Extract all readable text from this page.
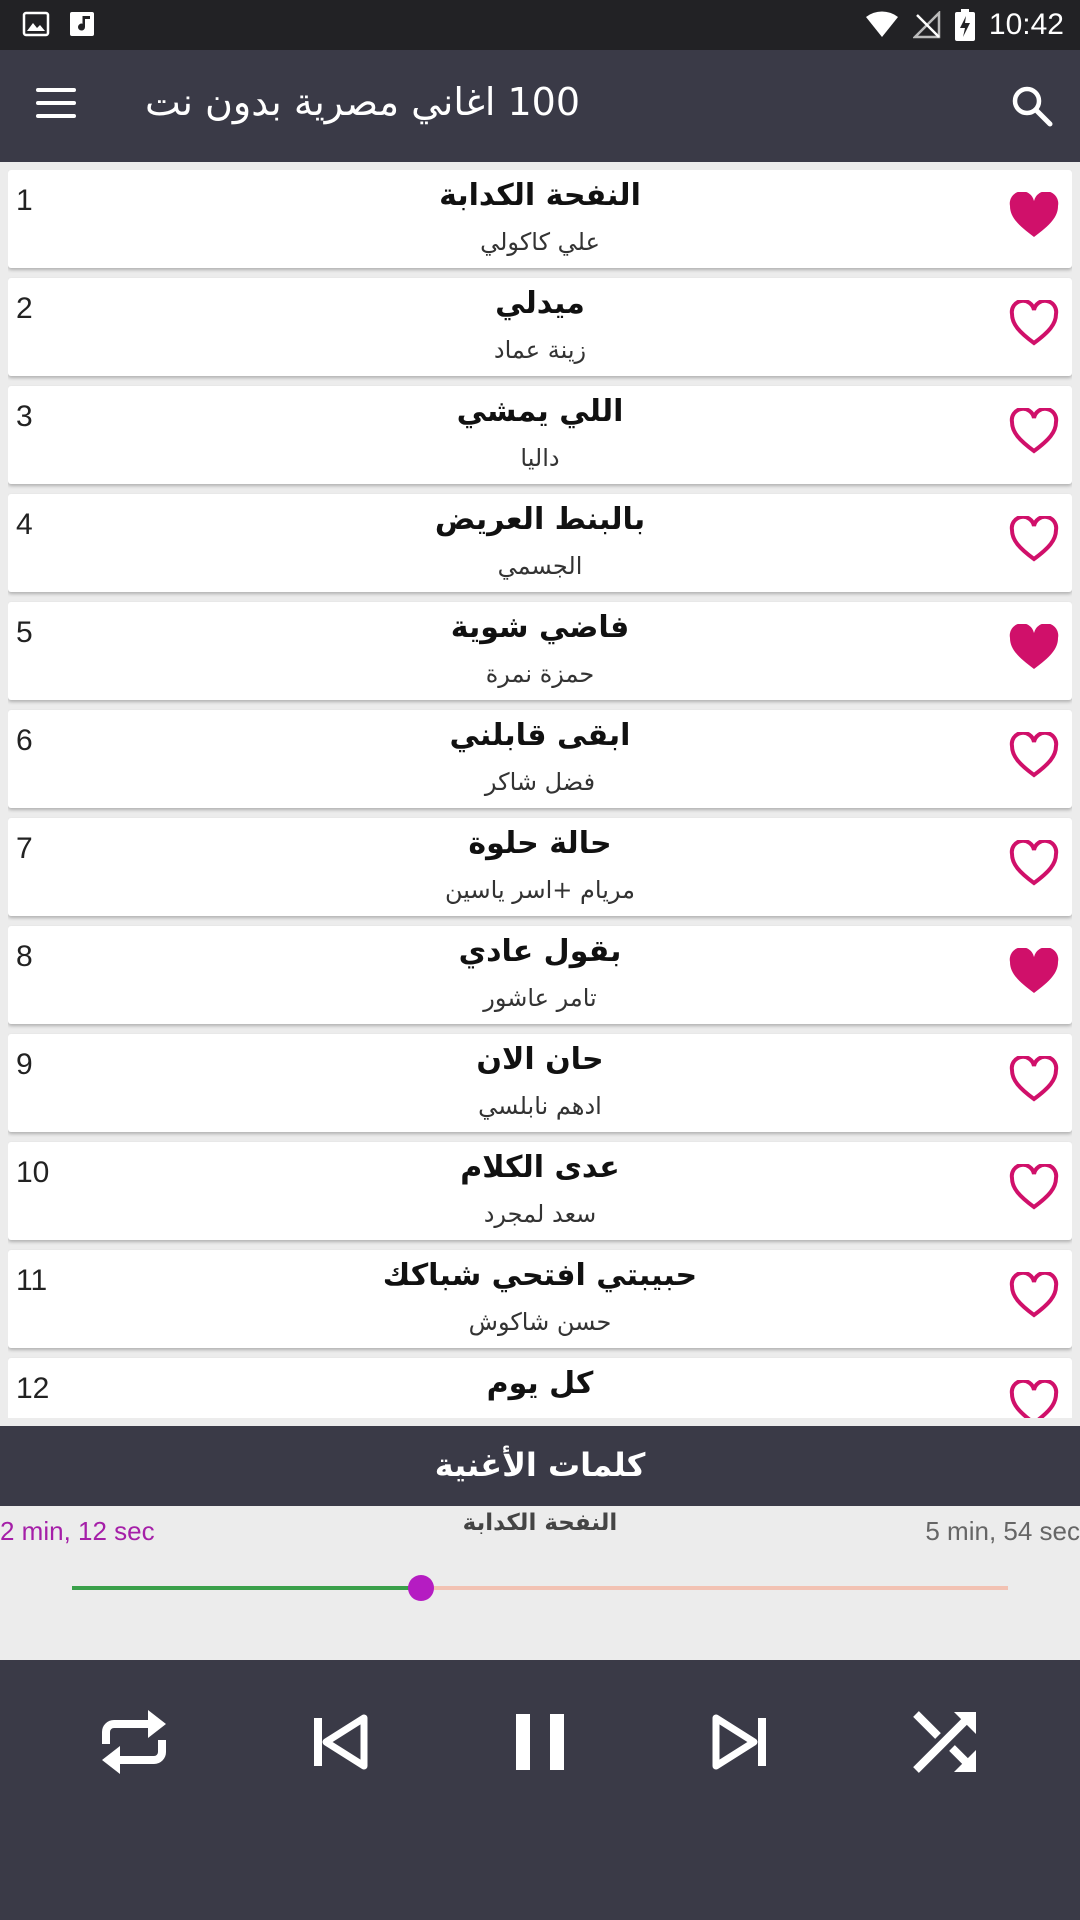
10:42
100 اغاني مصرية بدون نت
1	النفحة الكدابة
علي كاكولي
2	ميدلي
زينة عماد
3	اللي يمشي
داليا
4	بالبنط العريض
الجسمي
5	فاضي شوية
حمزة نمرة
6	ابقى قابلني
فضل شاكر
7	حالة حلوة
مريام +اسر ياسين
8	بقول عادي
تامر عاشور
9	حان الان
ادهم نابلسي
10	عدى الكلام
سعد لمجرد
11	حبيبتي افتحي شباكك
حسن شاكوش
12	كل يوم
كلمات الأغنية
2 min, 12 sec	النفحة الكدابة	5 min, 54 sec
